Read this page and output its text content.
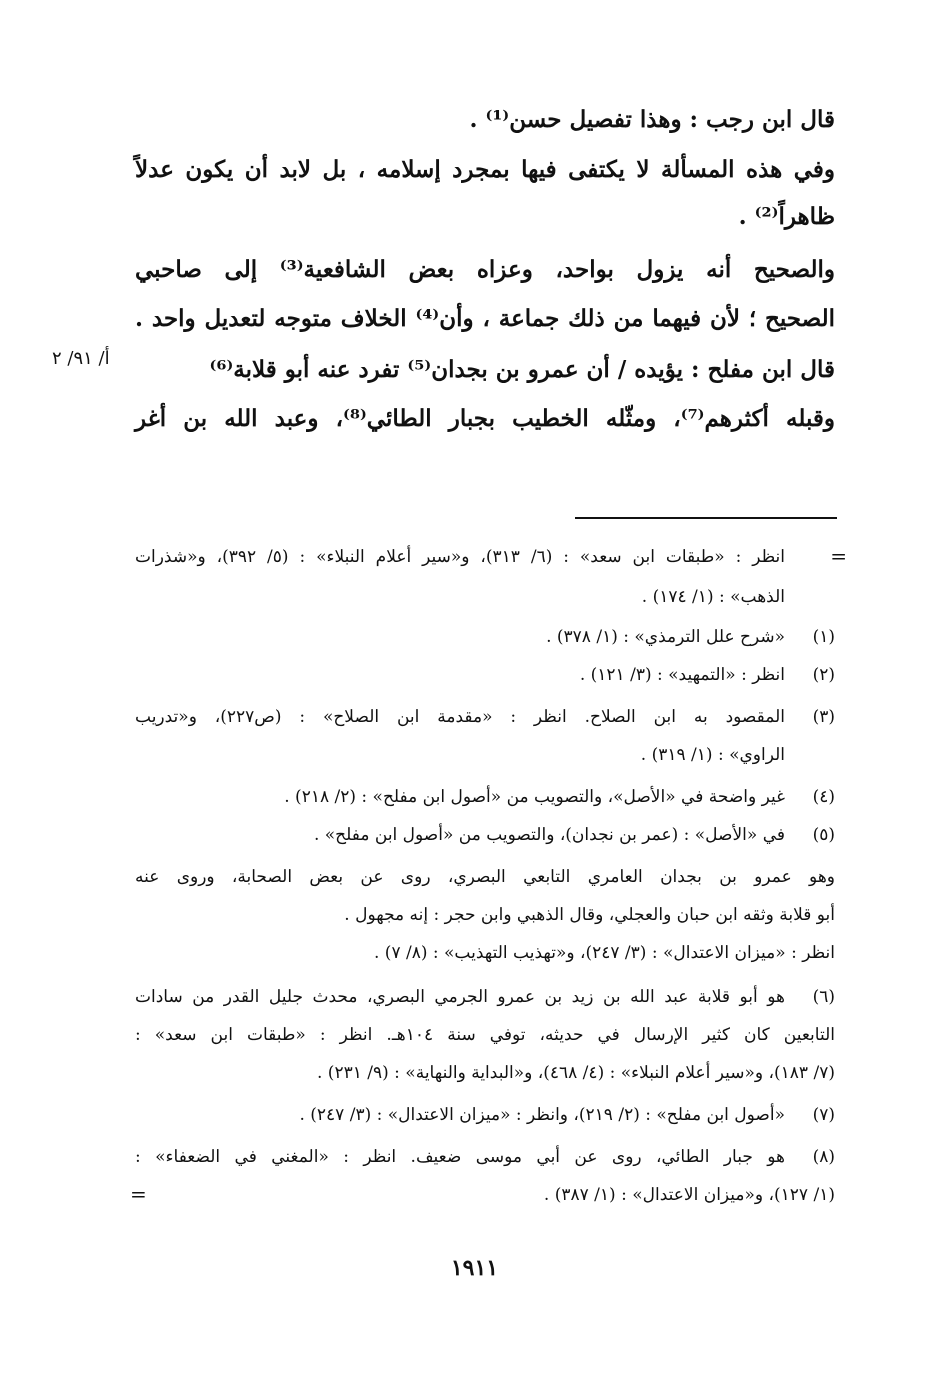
قال ابن رجب : وهذا تفصيل حسن⁽¹⁾ .
وفي هذه المسألة لا يكتفى فيها بمجرد إسلامه ، بل لابد أن يكون عدلاً
ظاهراً⁽²⁾ .
والصحيح أنه يزول بواحد، وعزاه بعض الشافعية⁽³⁾ إلى صاحبي
الصحيح ؛ لأن فيهما من ذلك جماعة ، وأن⁽⁴⁾ الخلاف متوجه لتعديل واحد .
قال ابن مفلح : يؤيده / أن عمرو بن بجدان⁽⁵⁾ تفرد عنه أبو قلابة⁽⁶⁾
وقبله أكثرهم⁽⁷⁾، ومثّله الخطيب بجبار الطائي⁽⁸⁾، وعبد الله بن أغر
أ/ ٩١/ ٢
=
انظر : «طبقات ابن سعد» : (٦/ ٣١٣)، و«سير أعلام النبلاء» : (٥/ ٣٩٢)، و«شذرات
الذهب» : (١/ ١٧٤) .
(١)
«شرح علل الترمذي» : (١/ ٣٧٨) .
(٢)
انظر : «التمهيد» : (٣/ ١٢١) .
(٣)
المقصود به ابن الصلاح. انظر : «مقدمة ابن الصلاح» : (ص٢٢٧)، و«تدريب
الراوي» : (١/ ٣١٩) .
(٤)
غير واضحة في «الأصل»، والتصويب من «أصول ابن مفلح» : (٢/ ٢١٨) .
(٥)
في «الأصل» : (عمر بن نجدان)، والتصويب من «أصول ابن مفلح» .
وهو عمرو بن بجدان العامري التابعي البصري، روى عن بعض الصحابة، وروى عنه
أبو قلابة وثقه ابن حبان والعجلي، وقال الذهبي وابن حجر : إنه مجهول .
انظر : «ميزان الاعتدال» : (٣/ ٢٤٧)، و«تهذيب التهذيب» : (٨/ ٧) .
(٦)
هو أبو قلابة عبد الله بن زيد بن عمرو الجرمي البصري، محدث جليل القدر من سادات
التابعين كان كثير الإرسال في حديثه، توفي سنة ١٠٤هـ. انظر : «طبقات ابن سعد» :
(٧/ ١٨٣)، و«سير أعلام النبلاء» : (٤/ ٤٦٨)، و«البداية والنهاية» : (٩/ ٢٣١) .
(٧)
«أصول ابن مفلح» : (٢/ ٢١٩)، وانظر : «ميزان الاعتدال» : (٣/ ٢٤٧) .
(٨)
هو جبار الطائي، روى عن أبي موسى ضعيف. انظر : «المغني في الضعفاء» :
(١/ ١٢٧)، و«ميزان الاعتدال» : (١/ ٣٨٧) .
=
١٩١١
